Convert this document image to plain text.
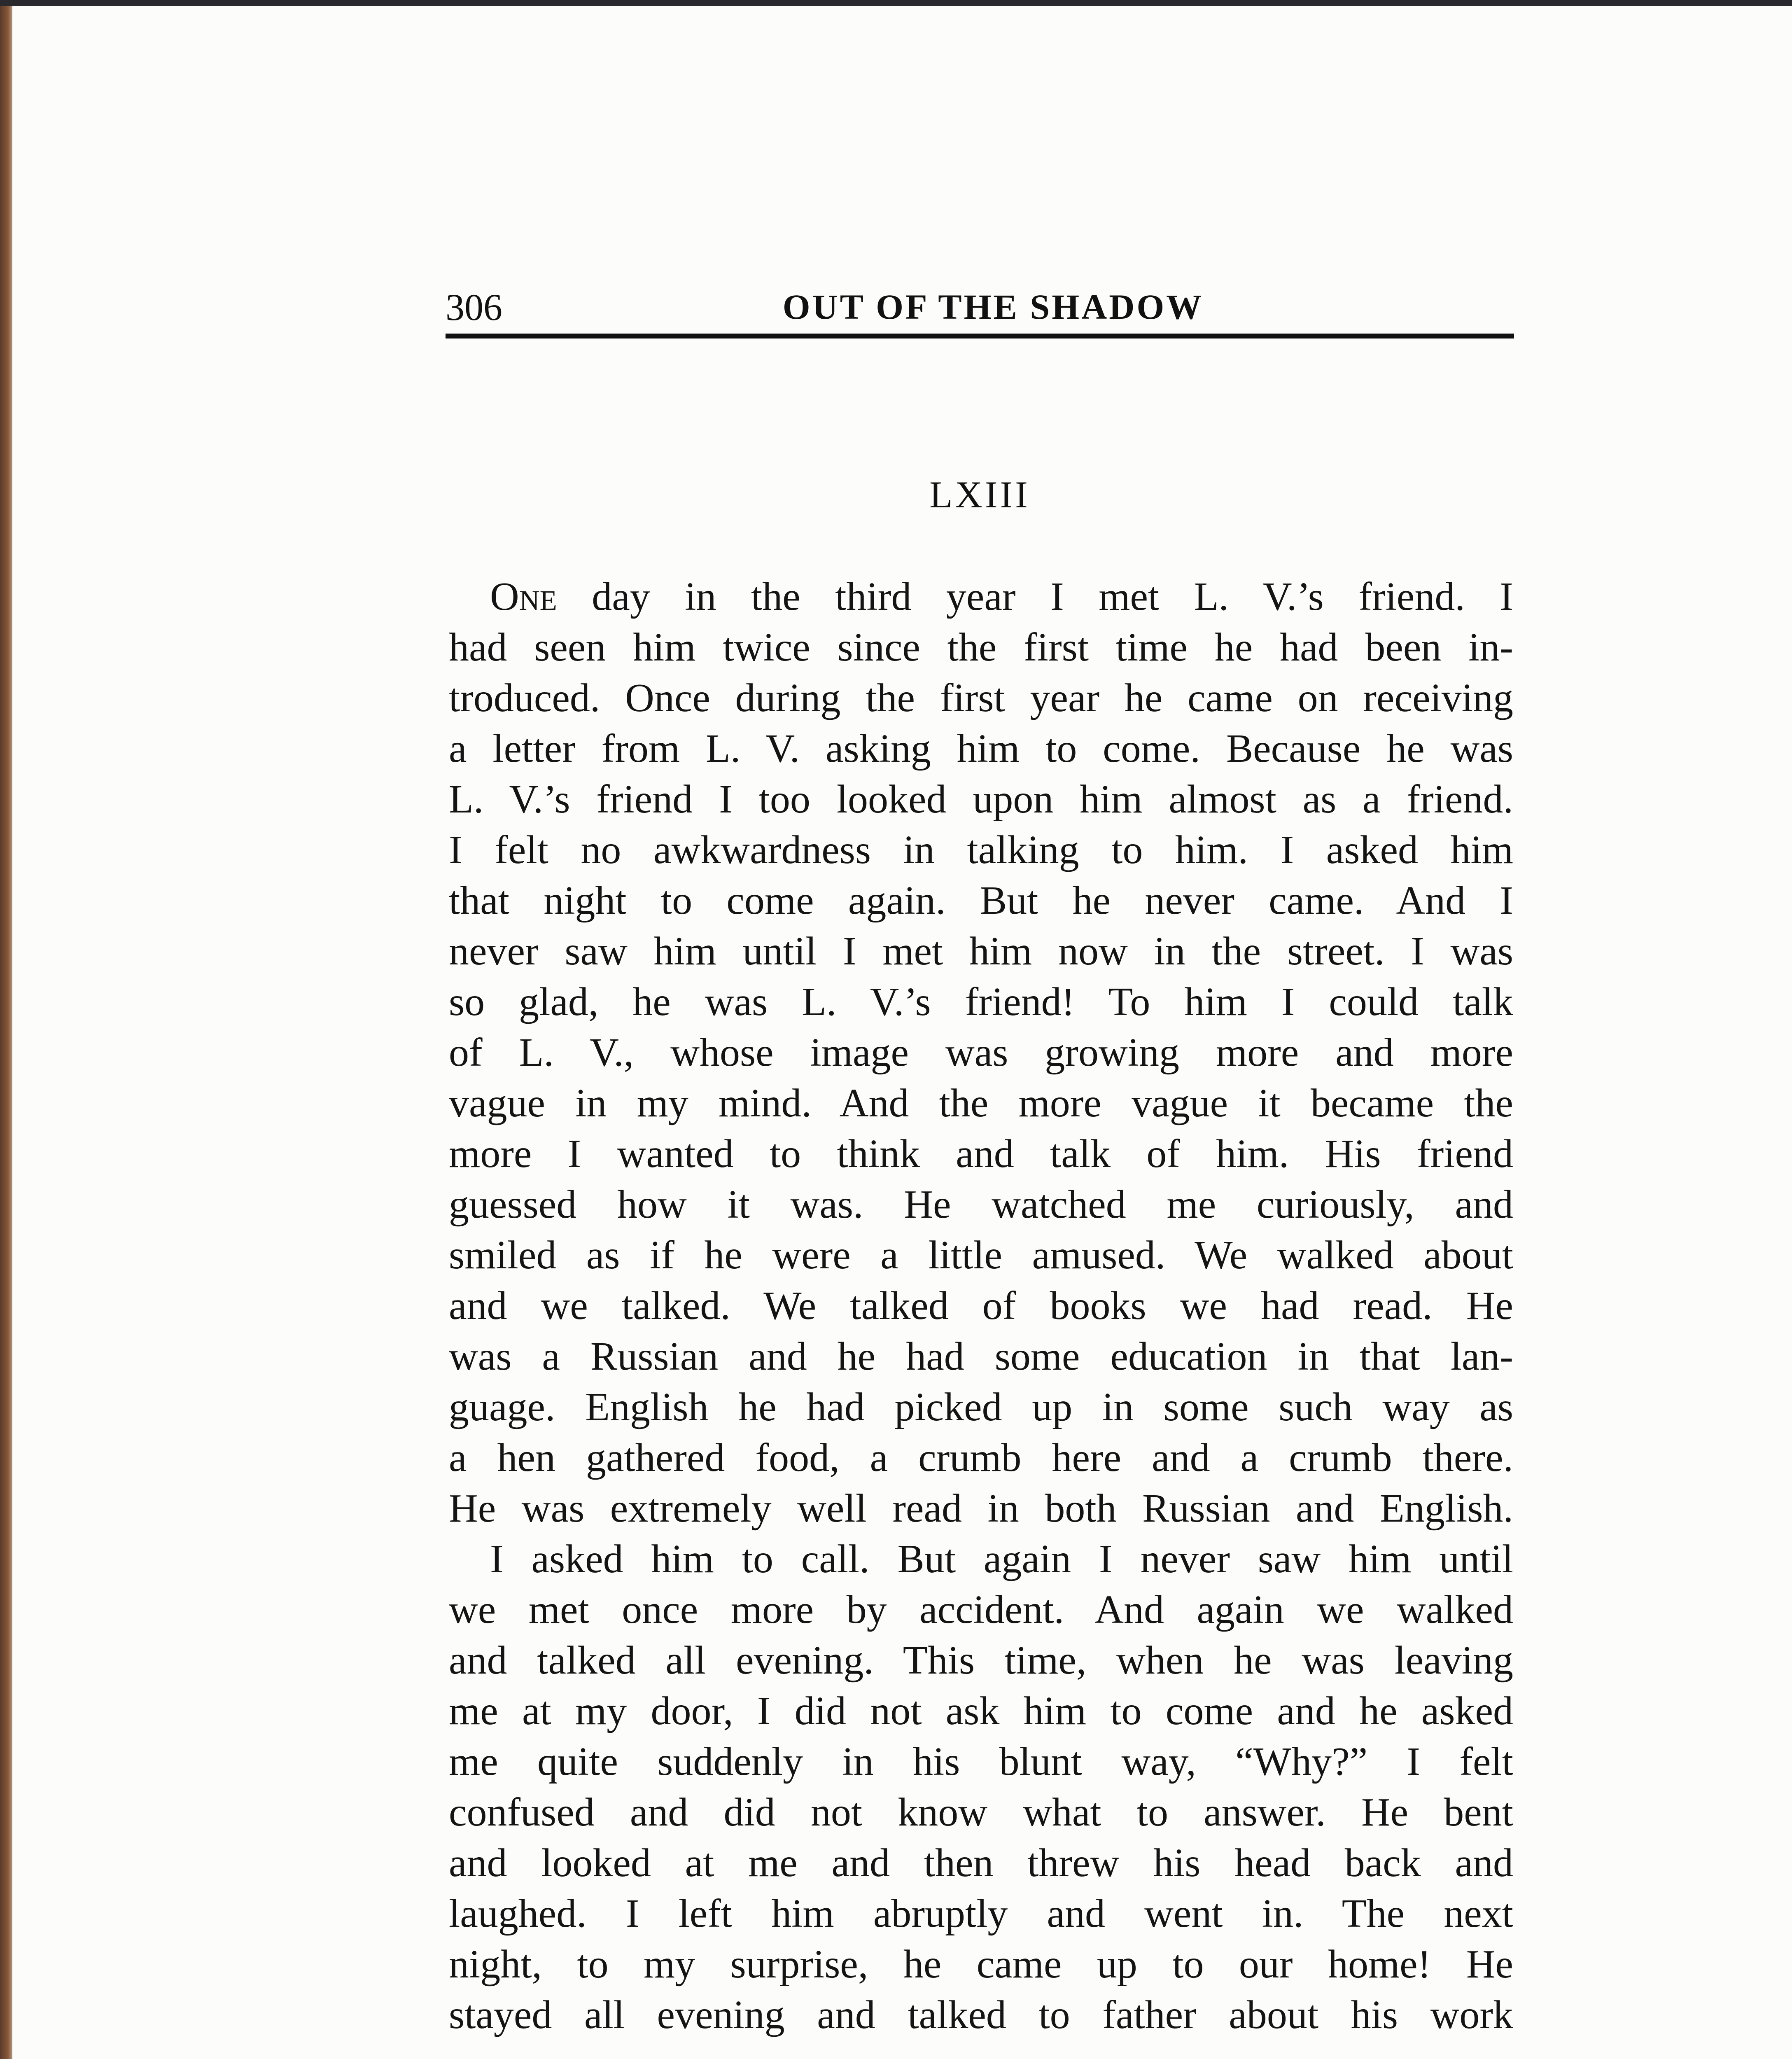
306	OUT OF THE SHADOW
LXIII
One day in the third year I met L. V.’s friend. I
had seen him twice since the first time he had been in-
troduced. Once during the first year he came on receiving
a letter from L. V. asking him to come. Because he was
L. V.’s friend I too looked upon him almost as a friend.
I felt no awkwardness in talking to him. I asked him
that night to come again. But he never came. And I
never saw him until I met him now in the street. I was
so glad, he was L. V.’s friend! To him I could talk
of L. V., whose image was growing more and more
vague in my mind. And the more vague it became the
more I wanted to think and talk of him. His friend
guessed how it was. He watched me curiously, and
smiled as if he were a little amused. We walked about
and we talked. We talked of books we had read. He
was a Russian and he had some education in that lan-
guage. English he had picked up in some such way as
a hen gathered food, a crumb here and a crumb there.
He was extremely well read in both Russian and English.
I asked him to call. But again I never saw him until
we met once more by accident. And again we walked
and talked all evening. This time, when he was leaving
me at my door, I did not ask him to come and he asked
me quite suddenly in his blunt way, “Why?” I felt
confused and did not know what to answer. He bent
and looked at me and then threw his head back and
laughed. I left him abruptly and went in. The next
night, to my surprise, he came up to our home! He
stayed all evening and talked to father about his work
